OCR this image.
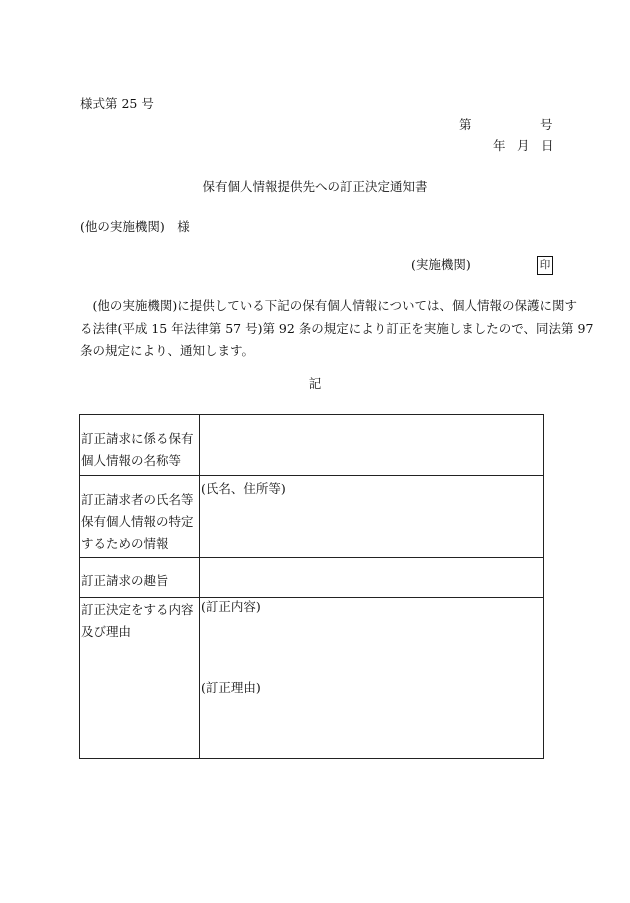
様式第 25 号
第	号
年 月 日
保有個人情報提供先への訂正決定通知書
(他の実施機関)　様
(実施機関)	印
　(他の実施機関)に提供している下記の保有個人情報については、個人情報の保護に関す
る法律(平成 15 年法律第 57 号)第 92 条の規定により訂正を実施しましたので、同法第 97
条の規定により、通知します。
記
訂正請求に係る保有個人情報の名称等	
訂正請求者の氏名等保有個人情報の特定するための情報	(氏名、住所等)
訂正請求の趣旨	
訂正決定をする内容及び理由	(訂正内容)
(訂正理由)
